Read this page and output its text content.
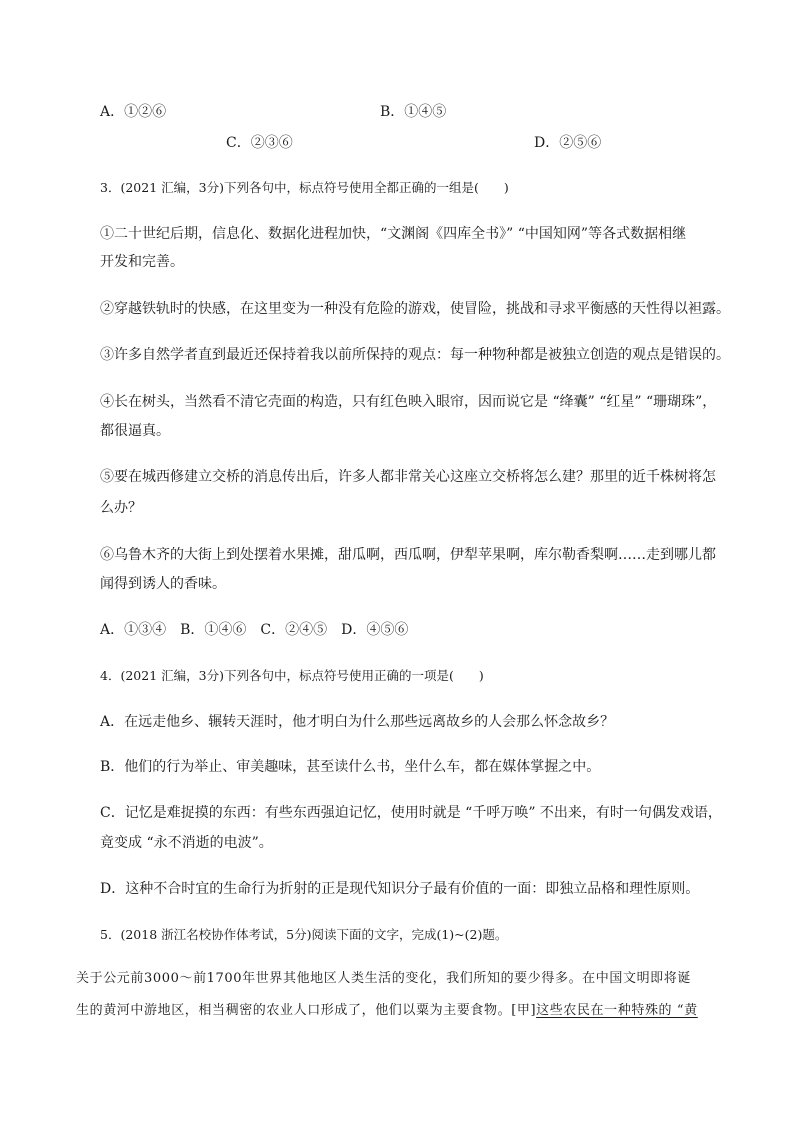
A．①②⑥	B．①④⑤
C．②③⑥	D．②⑤⑥
3．(2021 汇编，3分)下列各句中，标点符号使用全都正确的一组是(　　)
①二十世纪后期，信息化、数据化进程加快，“文渊阁《四库全书》” “中国知网”等各式数据相继
开发和完善。
②穿越铁轨时的快感，在这里变为一种没有危险的游戏，使冒险，挑战和寻求平衡感的天性得以袒露。
③许多自然学者直到最近还保持着我以前所保持的观点：每一种物种都是被独立创造的观点是错误的。
④长在树头，当然看不清它壳面的构造，只有红色映入眼帘，因而说它是 “绛囊” “红星” “珊瑚珠”，
都很逼真。
⑤要在城西修建立交桥的消息传出后，许多人都非常关心这座立交桥将怎么建？那里的近千株树将怎
么办？
⑥乌鲁木齐的大街上到处摆着水果摊，甜瓜啊，西瓜啊，伊犁苹果啊，库尔勒香梨啊……走到哪儿都
闻得到诱人的香味。
A．①③④　B．①④⑥　C．②④⑤　D．④⑤⑥
4．(2021 汇编，3分)下列各句中，标点符号使用正确的一项是(　　)
A．在远走他乡、辗转天涯时，他才明白为什么那些远离故乡的人会那么怀念故乡？
B．他们的行为举止、审美趣味，甚至读什么书，坐什么车，都在媒体掌握之中。
C．记忆是难捉摸的东西：有些东西强迫记忆，使用时就是 “千呼万唤” 不出来，有时一句偶发戏语，
竟变成 “永不消逝的电波”。
D．这种不合时宜的生命行为折射的正是现代知识分子最有价值的一面：即独立品格和理性原则。
5．(2018 浙江名校协作体考试，5分)阅读下面的文字，完成(1)~(2)题。
关于公元前3000～前1700年世界其他地区人类生活的变化，我们所知的要少得多。在中国文明即将诞
生的黄河中游地区，相当稠密的农业人口形成了，他们以粟为主要食物。[甲]这些农民在一种特殊的 “黄
